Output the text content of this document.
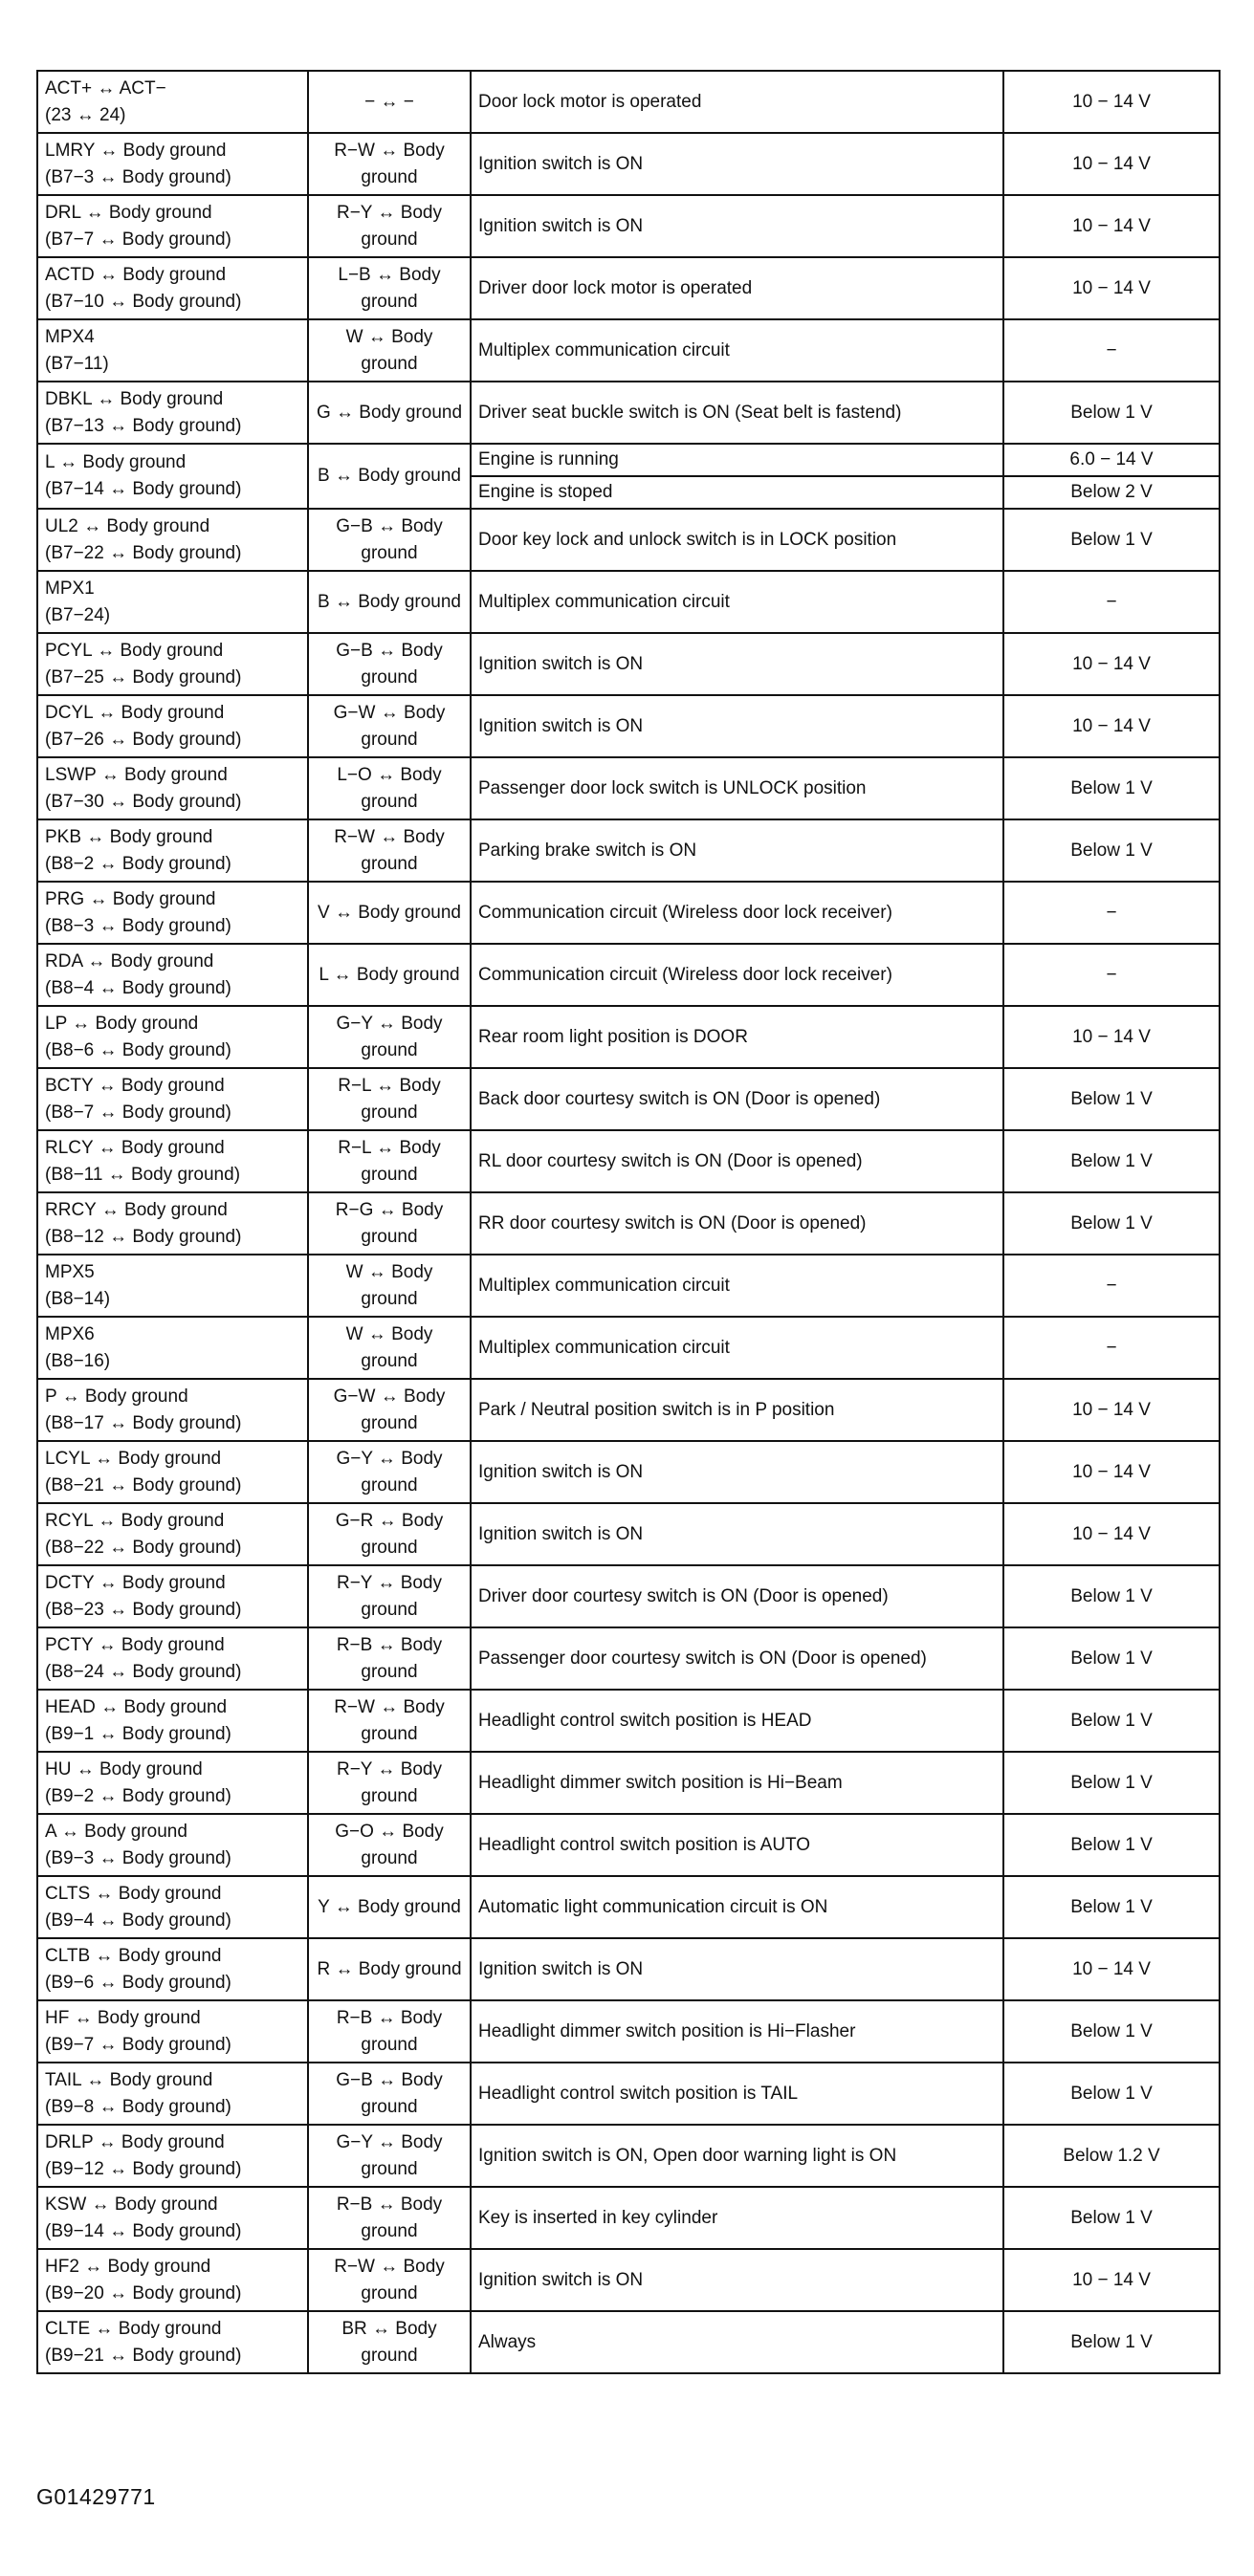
ACT+ ↔ ACT−
(23 ↔ 24)	− ↔ −	Door lock motor is operated	10 − 14 V

LMRY ↔ Body ground
(B7−3 ↔ Body ground)	R−W ↔ Body
ground	Ignition switch is ON	10 − 14 V

DRL ↔ Body ground
(B7−7 ↔ Body ground)	R−Y ↔ Body
ground	Ignition switch is ON	10 − 14 V

ACTD ↔ Body ground
(B7−10 ↔ Body ground)	L−B ↔ Body
ground	Driver door lock motor is operated	10 − 14 V

MPX4
(B7−11)	W ↔ Body
ground	Multiplex communication circuit	−

DBKL ↔ Body ground
(B7−13 ↔ Body ground)	G ↔ Body ground	Driver seat buckle switch is ON (Seat belt is fastend)	Below 1 V

L ↔ Body ground
(B7−14 ↔ Body ground)	B ↔ Body ground	Engine is running	6.0 − 14 V
		Engine is stoped	Below 2 V

UL2 ↔ Body ground
(B7−22 ↔ Body ground)	G−B ↔ Body
ground	Door key lock and unlock switch is in LOCK position	Below 1 V

MPX1
(B7−24)	B ↔ Body ground	Multiplex communication circuit	−

PCYL ↔ Body ground
(B7−25 ↔ Body ground)	G−B ↔ Body
ground	Ignition switch is ON	10 − 14 V

DCYL ↔ Body ground
(B7−26 ↔ Body ground)	G−W ↔ Body
ground	Ignition switch is ON	10 − 14 V

LSWP ↔ Body ground
(B7−30 ↔ Body ground)	L−O ↔ Body
ground	Passenger door lock switch is UNLOCK position	Below 1 V

PKB ↔ Body ground
(B8−2 ↔ Body ground)	R−W ↔ Body
ground	Parking brake switch is ON	Below 1 V

PRG ↔ Body ground
(B8−3 ↔ Body ground)	V ↔ Body ground	Communication circuit (Wireless door lock receiver)	−

RDA ↔ Body ground
(B8−4 ↔ Body ground)	L ↔ Body ground	Communication circuit (Wireless door lock receiver)	−

LP ↔ Body ground
(B8−6 ↔ Body ground)	G−Y ↔ Body
ground	Rear room light position is DOOR	10 − 14 V

BCTY ↔ Body ground
(B8−7 ↔ Body ground)	R−L ↔ Body
ground	Back door courtesy switch is ON (Door is opened)	Below 1 V

RLCY ↔ Body ground
(B8−11 ↔ Body ground)	R−L ↔ Body
ground	RL door courtesy switch is ON (Door is opened)	Below 1 V

RRCY ↔ Body ground
(B8−12 ↔ Body ground)	R−G ↔ Body
ground	RR door courtesy switch is ON (Door is opened)	Below 1 V

MPX5
(B8−14)	W ↔ Body
ground	Multiplex communication circuit	−

MPX6
(B8−16)	W ↔ Body
ground	Multiplex communication circuit	−

P ↔ Body ground
(B8−17 ↔ Body ground)	G−W ↔ Body
ground	Park / Neutral position switch is in P position	10 − 14 V

LCYL ↔ Body ground
(B8−21 ↔ Body ground)	G−Y ↔ Body
ground	Ignition switch is ON	10 − 14 V

RCYL ↔ Body ground
(B8−22 ↔ Body ground)	G−R ↔ Body
ground	Ignition switch is ON	10 − 14 V

DCTY ↔ Body ground
(B8−23 ↔ Body ground)	R−Y ↔ Body
ground	Driver door courtesy switch is ON (Door is opened)	Below 1 V

PCTY ↔ Body ground
(B8−24 ↔ Body ground)	R−B ↔ Body
ground	Passenger door courtesy switch is ON (Door is opened)	Below 1 V

HEAD ↔ Body ground
(B9−1 ↔ Body ground)	R−W ↔ Body
ground	Headlight control switch position is HEAD	Below 1 V

HU ↔ Body ground
(B9−2 ↔ Body ground)	R−Y ↔ Body
ground	Headlight dimmer switch position is Hi−Beam	Below 1 V

A ↔ Body ground
(B9−3 ↔ Body ground)	G−O ↔ Body
ground	Headlight control switch position is AUTO	Below 1 V

CLTS ↔ Body ground
(B9−4 ↔ Body ground)	Y ↔ Body ground	Automatic light communication circuit is ON	Below 1 V

CLTB ↔ Body ground
(B9−6 ↔ Body ground)	R ↔ Body ground	Ignition switch is ON	10 − 14 V

HF ↔ Body ground
(B9−7 ↔ Body ground)	R−B ↔ Body
ground	Headlight dimmer switch position is Hi−Flasher	Below 1 V

TAIL ↔ Body ground
(B9−8 ↔ Body ground)	G−B ↔ Body
ground	Headlight control switch position is TAIL	Below 1 V

DRLP ↔ Body ground
(B9−12 ↔ Body ground)	G−Y ↔ Body
ground	Ignition switch is ON, Open door warning light is ON	Below 1.2 V

KSW ↔ Body ground
(B9−14 ↔ Body ground)	R−B ↔ Body
ground	Key is inserted in key cylinder	Below 1 V

HF2 ↔ Body ground
(B9−20 ↔ Body ground)	R−W ↔ Body
ground	Ignition switch is ON	10 − 14 V

CLTE ↔ Body ground
(B9−21 ↔ Body ground)	BR ↔ Body
ground	Always	Below 1 V
G01429771
